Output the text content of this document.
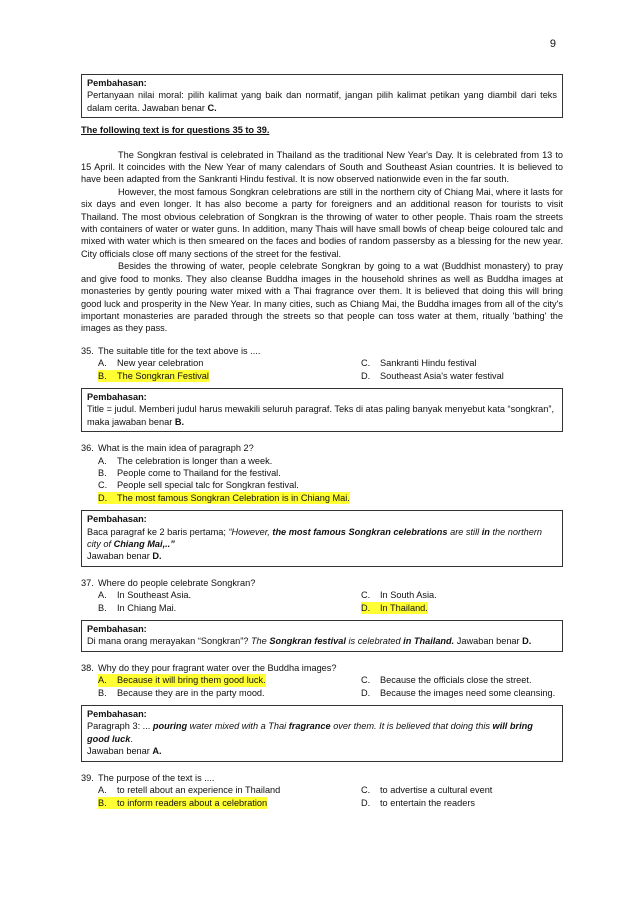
9
Pembahasan:
Pertanyaan nilai moral: pilih kalimat yang baik dan normatif, jangan pilih kalimat petikan yang diambil dari teks dalam cerita. Jawaban benar C.
The following text is for questions 35 to 39.

The Songkran festival is celebrated in Thailand as the traditional New Year's Day. It is celebrated from 13 to 15 April. It coincides with the New Year of many calendars of South and Southeast Asian countries. It is believed to have been adapted from the Sankranti Hindu festival. It is now observed nationwide even in the far south.

However, the most famous Songkran celebrations are still in the northern city of Chiang Mai, where it lasts for six days and even longer. It has also become a party for foreigners and an additional reason for tourists to visit Thailand. The most obvious celebration of Songkran is the throwing of water to other people. Thais roam the streets with containers of water or water guns. In addition, many Thais will have small bowls of cheap beige coloured talc and mixed with water which is then smeared on the faces and bodies of random passersby as a blessing for the new year. City officials close off many sections of the street for the festival.

Besides the throwing of water, people celebrate Songkran by going to a wat (Buddhist monastery) to pray and give food to monks. They also cleanse Buddha images in the household shrines as well as Buddha images at monasteries by gently pouring water mixed with a Thai fragrance over them. It is believed that doing this will bring good luck and prosperity in the New Year. In many cities, such as Chiang Mai, the Buddha images from all of the city's important monasteries are paraded through the streets so that people can toss water at them, ritually 'bathing' the images as they pass.

35. The suitable title for the text above is ....
A.	New year celebration	C.	Sankranti Hindu festival
B.	The Songkran Festival	D.	Southeast Asia's water festival
Pembahasan:
Title = judul. Memberi judul harus mewakili seluruh paragraf. Teks di atas paling banyak menyebut kata “songkran”, maka jawaban benar B.
36. What is the main idea of paragraph 2?
A.	The celebration is longer than a week.
B.	People come to Thailand for the festival.
C.	People sell special talc for Songkran festival.
D.	The most famous Songkran Celebration is in Chiang Mai.
Pembahasan:
Baca paragraf ke 2 baris pertama; “However, the most famous Songkran celebrations are still in the northern city of Chiang Mai,..”
Jawaban benar D.
37. Where do people celebrate Songkran?
A.	In Southeast Asia.	C.	In South Asia.
B.	In Chiang Mai.	D.	In Thailand.
Pembahasan:
Di mana orang merayakan “Songkran”? The Songkran festival is celebrated in Thailand. Jawaban benar D.
38. Why do they pour fragrant water over the Buddha images?
A.	Because it will bring them good luck.	C.	Because the officials close the street.
B.	Because they are in the party mood.	D.	Because the images need some cleansing.
Pembahasan:
Paragraph 3: ... pouring water mixed with a Thai fragrance over them. It is believed that doing this will bring good luck.
Jawaban benar A.
39. The purpose of the text is ....
A.	to retell about an experience in Thailand	C.	to advertise a cultural event
B.	to inform readers about a celebration	D.	to entertain the readers
